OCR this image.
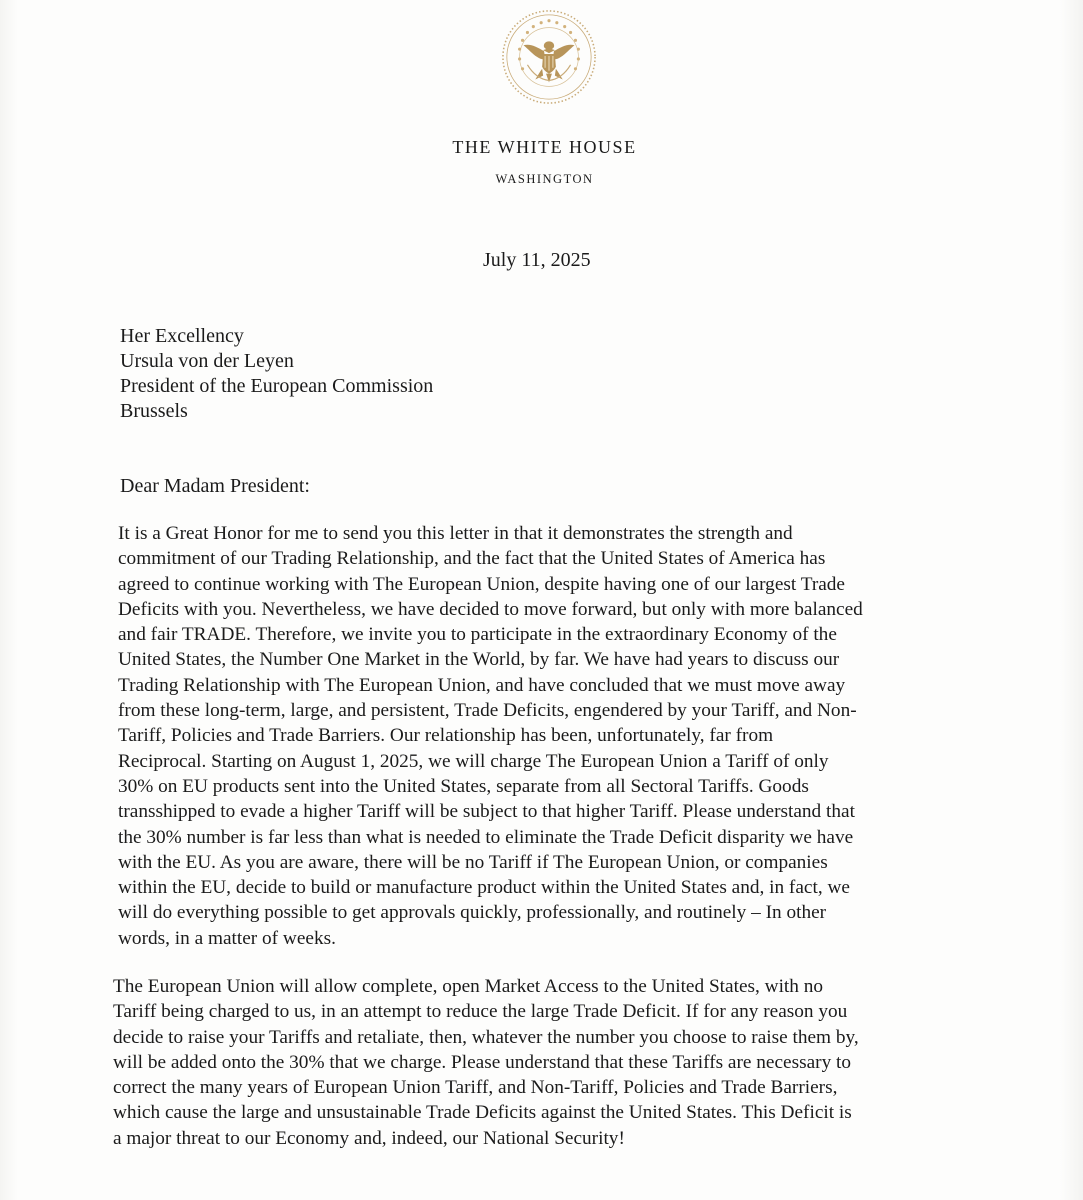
THE WHITE HOUSE
WASHINGTON
July 11, 2025
Her Excellency
Ursula von der Leyen
President of the European Commission
Brussels
Dear Madam President:
It is a Great Honor for me to send you this letter in that it demonstrates the strength and
commitment of our Trading Relationship, and the fact that the United States of America has
agreed to continue working with The European Union, despite having one of our largest Trade
Deficits with you. Nevertheless, we have decided to move forward, but only with more balanced
and fair TRADE. Therefore, we invite you to participate in the extraordinary Economy of the
United States, the Number One Market in the World, by far. We have had years to discuss our
Trading Relationship with The European Union, and have concluded that we must move away
from these long-term, large, and persistent, Trade Deficits, engendered by your Tariff, and Non-
Tariff, Policies and Trade Barriers. Our relationship has been, unfortunately, far from
Reciprocal. Starting on August 1, 2025, we will charge The European Union a Tariff of only
30% on EU products sent into the United States, separate from all Sectoral Tariffs. Goods
transshipped to evade a higher Tariff will be subject to that higher Tariff. Please understand that
the 30% number is far less than what is needed to eliminate the Trade Deficit disparity we have
with the EU. As you are aware, there will be no Tariff if The European Union, or companies
within the EU, decide to build or manufacture product within the United States and, in fact, we
will do everything possible to get approvals quickly, professionally, and routinely – In other
words, in a matter of weeks.
The European Union will allow complete, open Market Access to the United States, with no
Tariff being charged to us, in an attempt to reduce the large Trade Deficit. If for any reason you
decide to raise your Tariffs and retaliate, then, whatever the number you choose to raise them by,
will be added onto the 30% that we charge. Please understand that these Tariffs are necessary to
correct the many years of European Union Tariff, and Non-Tariff, Policies and Trade Barriers,
which cause the large and unsustainable Trade Deficits against the United States. This Deficit is
a major threat to our Economy and, indeed, our National Security!
